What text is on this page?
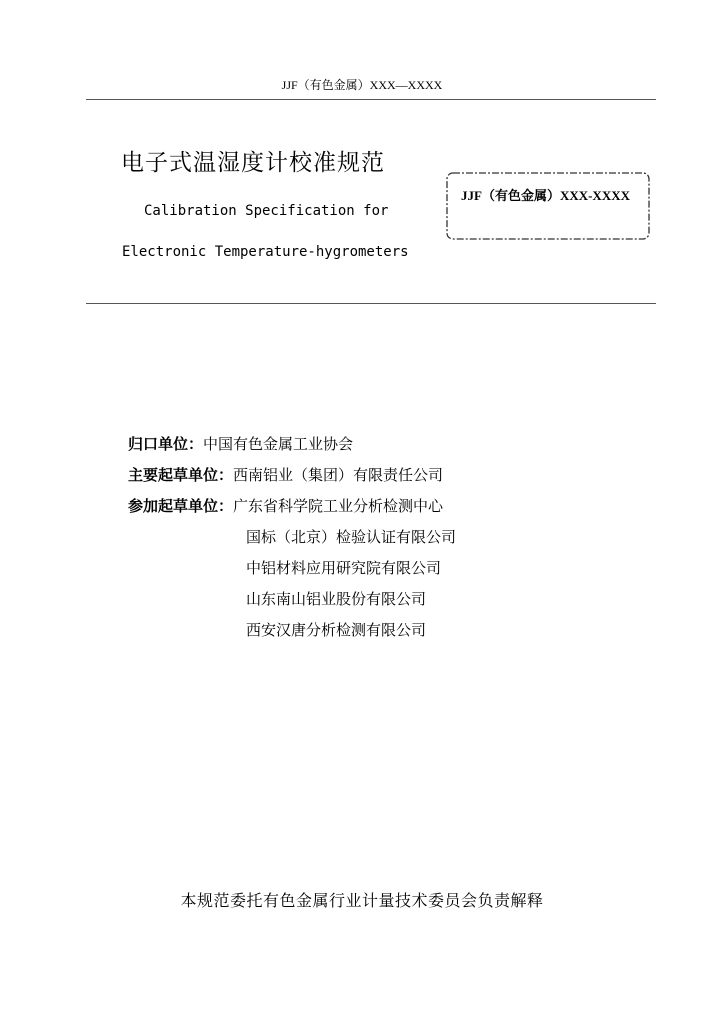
JJF（有色金属）XXX—XXXX
电子式温湿度计校准规范
Calibration Specification for
Electronic Temperature-hygrometers
JJF（有色金属）XXX-XXXX
归口单位：中国有色金属工业协会
主要起草单位：西南铝业（集团）有限责任公司
参加起草单位：广东省科学院工业分析检测中心
国标（北京）检验认证有限公司
中铝材料应用研究院有限公司
山东南山铝业股份有限公司
西安汉唐分析检测有限公司
本规范委托有色金属行业计量技术委员会负责解释
